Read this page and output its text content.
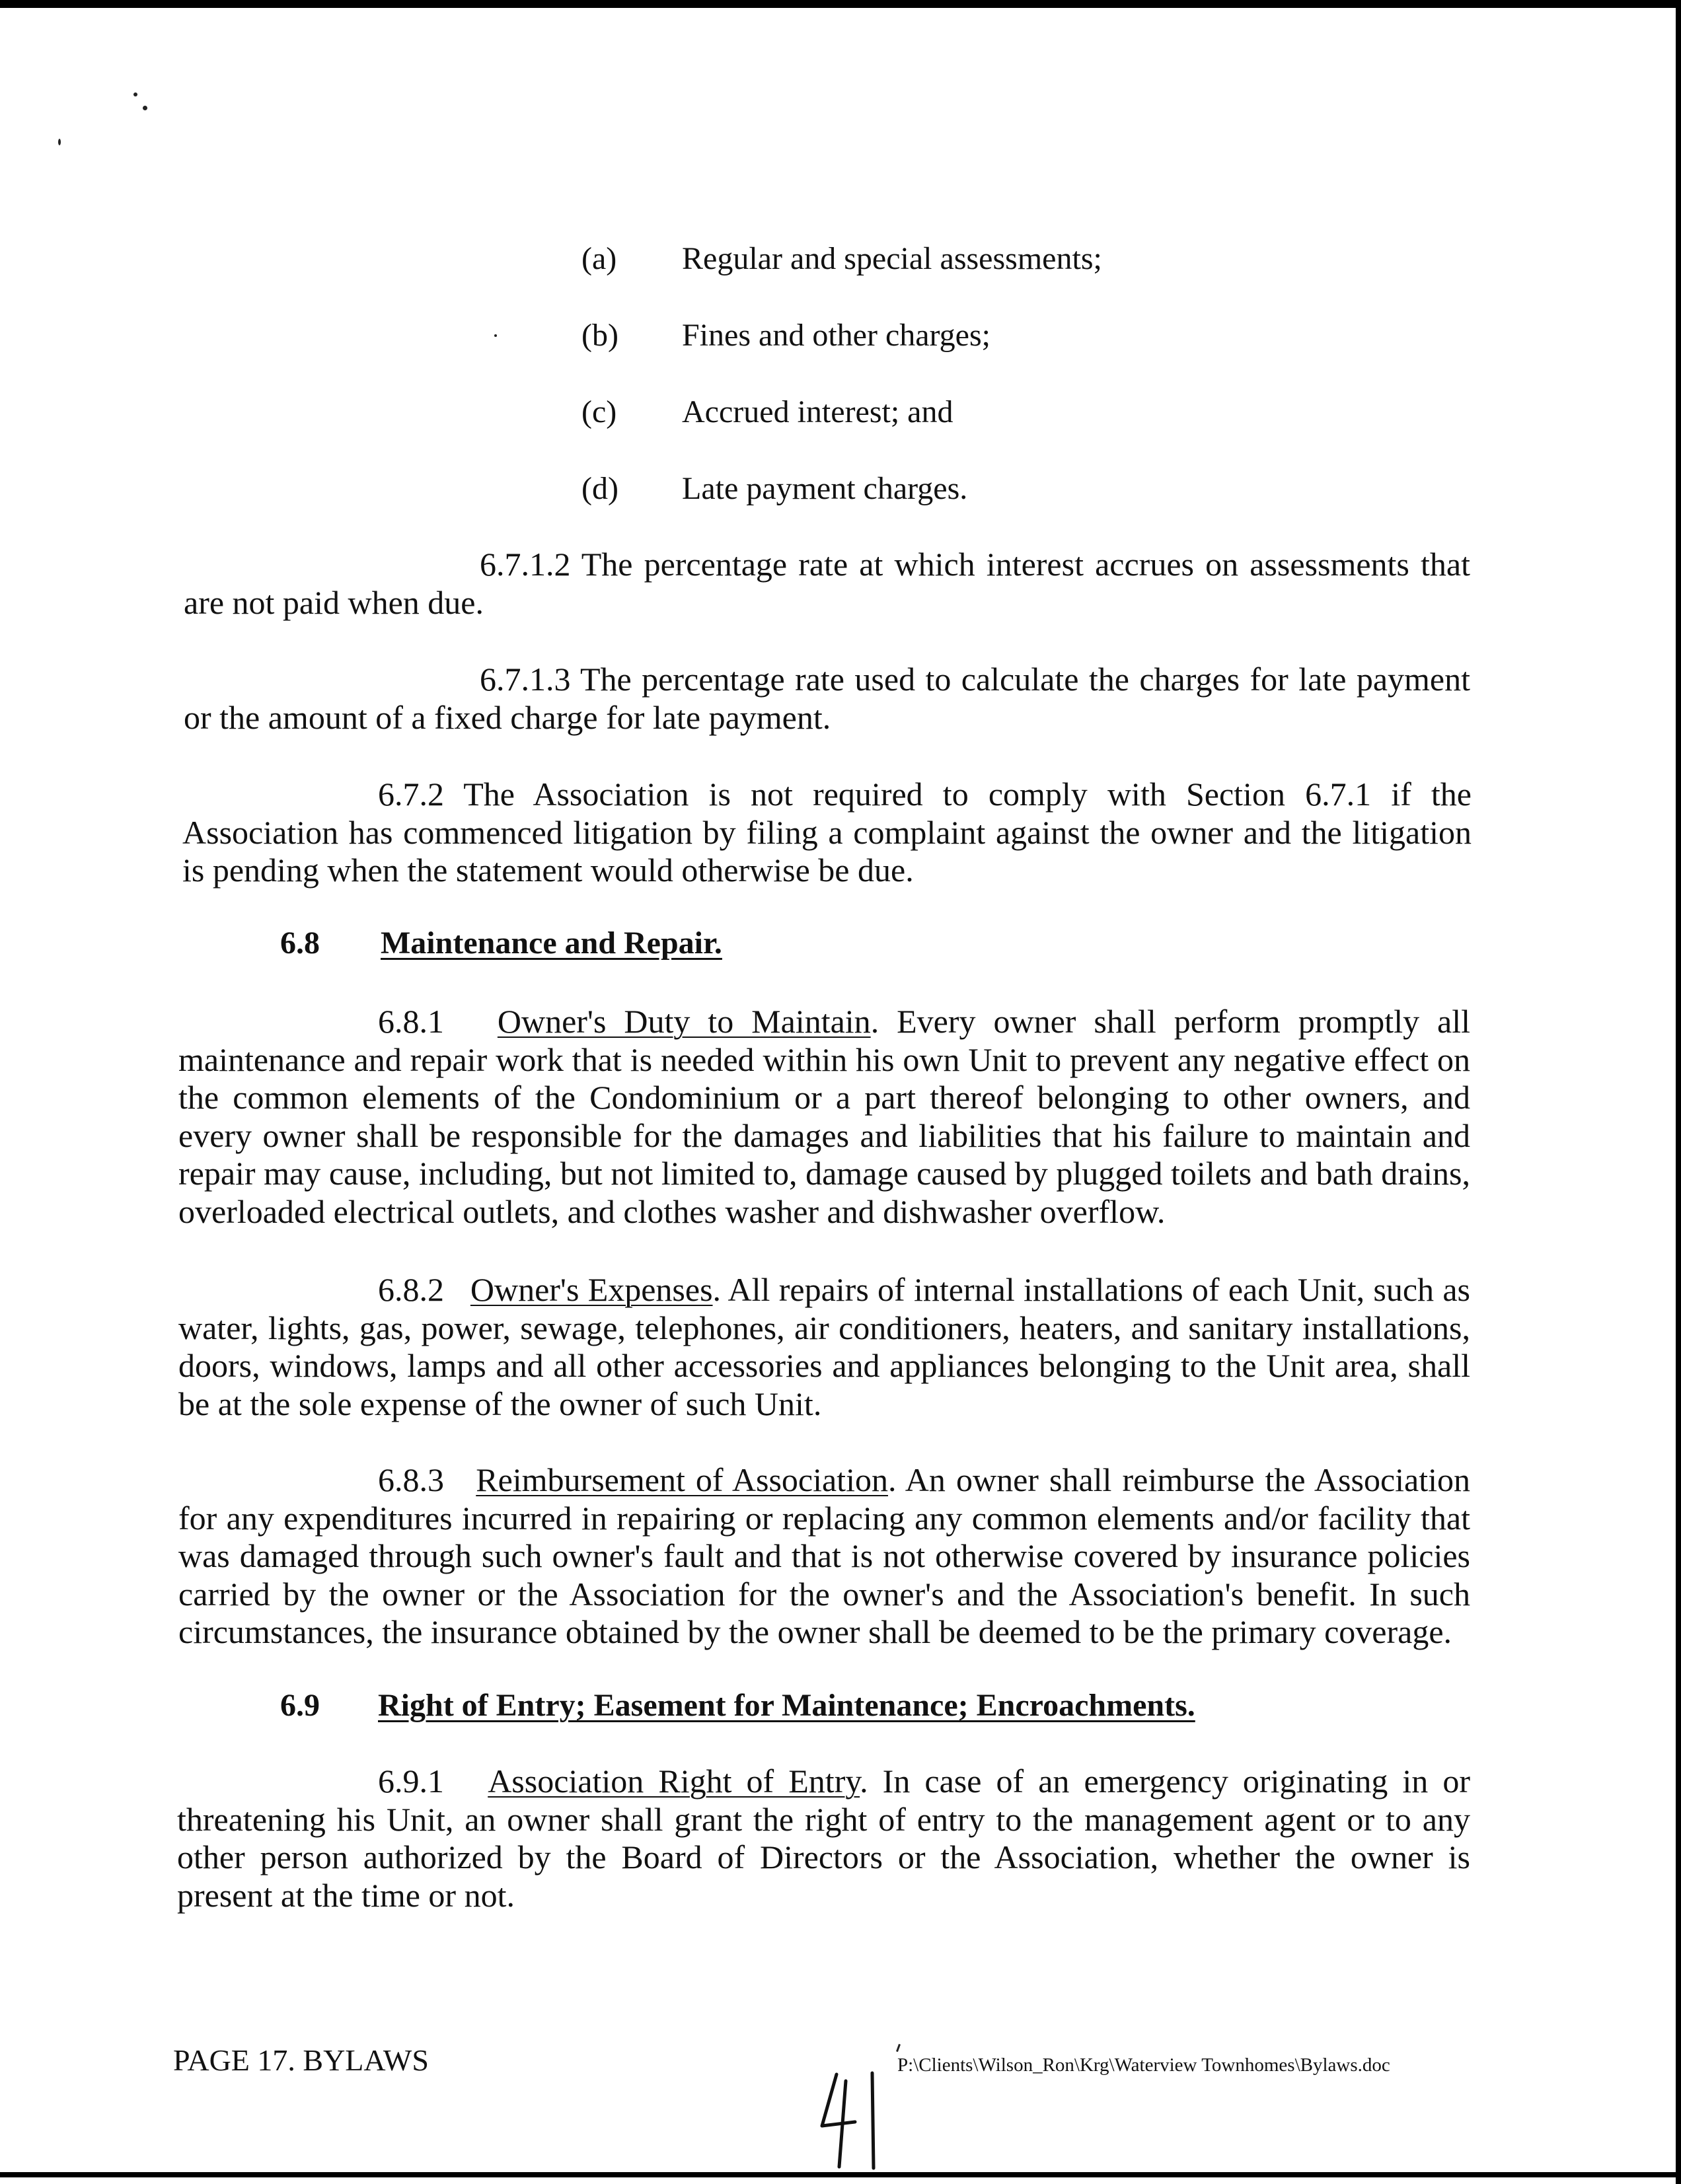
(a) Regular and special assessments;
(b) Fines and other charges;
(c) Accrued interest; and
(d) Late payment charges.

6.7.1.2 The percentage rate at which interest accrues on assessments that are not paid when due.

6.7.1.3 The percentage rate used to calculate the charges for late payment or the amount of a fixed charge for late payment.

6.7.2 The Association is not required to comply with Section 6.7.1 if the Association has commenced litigation by filing a complaint against the owner and the litigation is pending when the statement would otherwise be due.

6.8 Maintenance and Repair.

6.8.1 Owner's Duty to Maintain. Every owner shall perform promptly all maintenance and repair work that is needed within his own Unit to prevent any negative effect on the common elements of the Condominium or a part thereof belonging to other owners, and every owner shall be responsible for the damages and liabilities that his failure to maintain and repair may cause, including, but not limited to, damage caused by plugged toilets and bath drains, overloaded electrical outlets, and clothes washer and dishwasher overflow.

6.8.2 Owner's Expenses. All repairs of internal installations of each Unit, such as water, lights, gas, power, sewage, telephones, air conditioners, heaters, and sanitary installations, doors, windows, lamps and all other accessories and appliances belonging to the Unit area, shall be at the sole expense of the owner of such Unit.

6.8.3 Reimbursement of Association. An owner shall reimburse the Association for any expenditures incurred in repairing or replacing any common elements and/or facility that was damaged through such owner's fault and that is not otherwise covered by insurance policies carried by the owner or the Association for the owner's and the Association's benefit. In such circumstances, the insurance obtained by the owner shall be deemed to be the primary coverage.

6.9 Right of Entry; Easement for Maintenance; Encroachments.

6.9.1 Association Right of Entry. In case of an emergency originating in or threatening his Unit, an owner shall grant the right of entry to the management agent or to any other person authorized by the Board of Directors or the Association, whether the owner is present at the time or not.

PAGE 17. BYLAWS	P:\Clients\Wilson_Ron\Krg\Waterview Townhomes\Bylaws.doc
